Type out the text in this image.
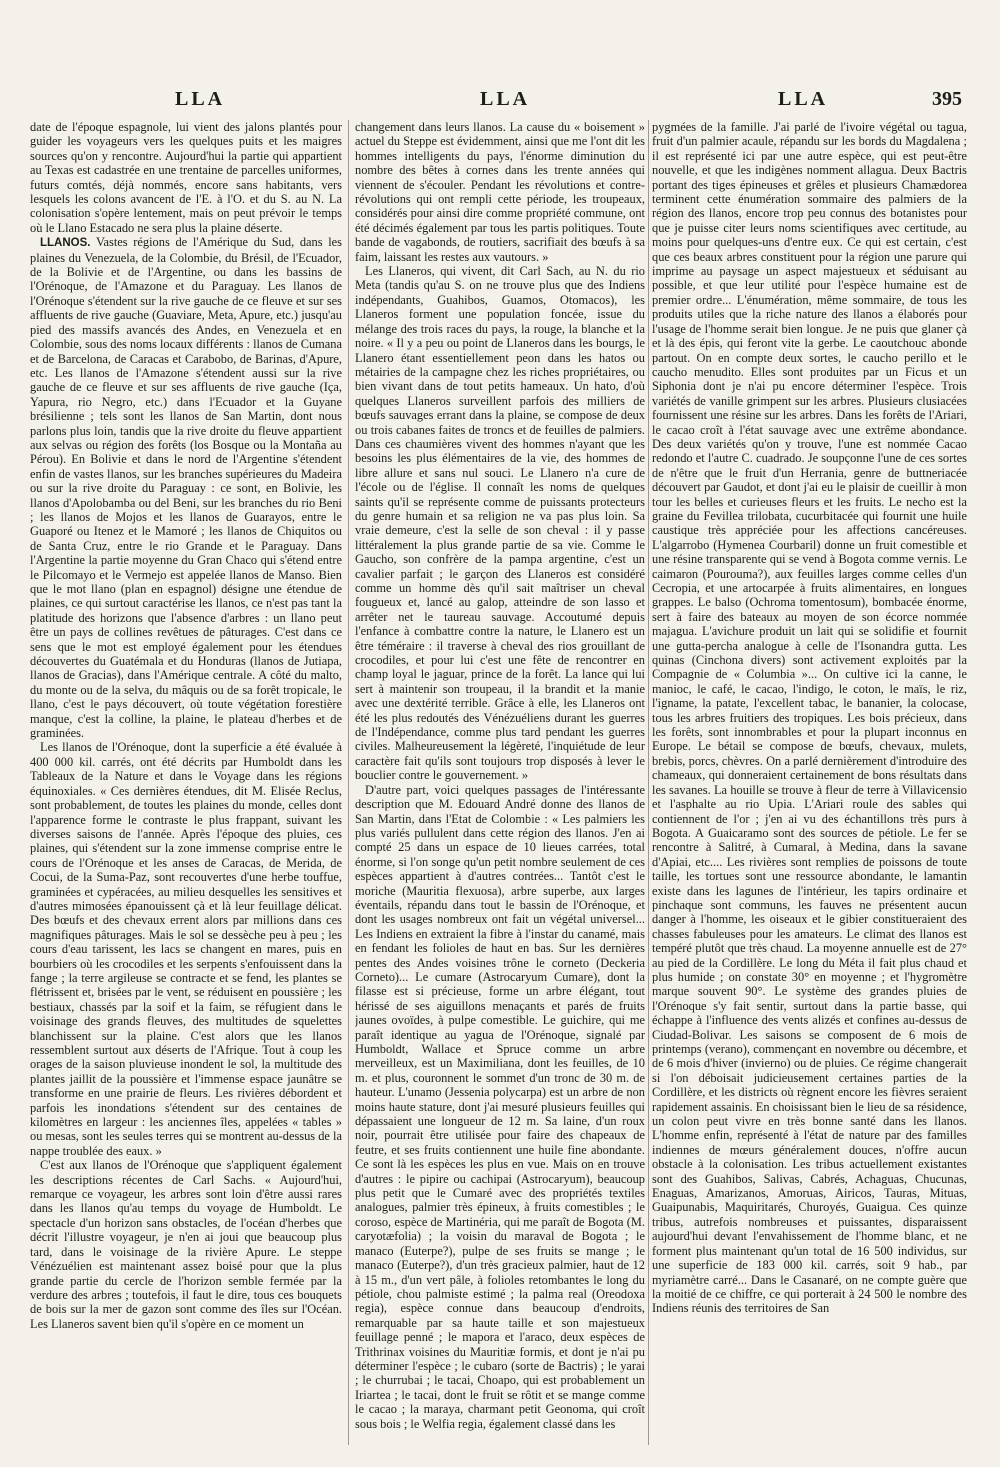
LLA	LLA	LLA	395

date de l'époque espagnole, lui vient des jalons plantés pour guider les voyageurs vers les quelques puits et les maigres sources qu'on y rencontre. Aujourd'hui la partie qui appartient au Texas est cadastrée en une trentaine de parcelles uniformes, futurs comtés, déjà nommés, encore sans habitants, vers lesquels les colons avancent de l'E. à l'O. et du S. au N. La colonisation s'opère lentement, mais on peut prévoir le temps où le Llano Estacado ne sera plus la plaine déserte.

LLANOS. Vastes régions de l'Amérique du Sud, dans les plaines du Venezuela, de la Colombie, du Brésil, de l'Ecuador, de la Bolivie et de l'Argentine, ou dans les bassins de l'Orénoque, de l'Amazone et du Paraguay. Les llanos de l'Orénoque s'étendent sur la rive gauche de ce fleuve et sur ses affluents de rive gauche (Guaviare, Meta, Apure, etc.) jusqu'au pied des massifs avancés des Andes, en Venezuela et en Colombie, sous des noms locaux différents : llanos de Cumana et de Barcelona, de Caracas et Carabobo, de Barinas, d'Apure, etc. Les llanos de l'Amazone s'étendent aussi sur la rive gauche de ce fleuve et sur ses affluents de rive gauche (Iça, Yapura, rio Negro, etc.) dans l'Ecuador et la Guyane brésilienne ; tels sont les llanos de San Martin, dont nous parlons plus loin, tandis que la rive droite du fleuve appartient aux selvas ou région des forêts (los Bosque ou la Montaña au Pérou). En Bolivie et dans le nord de l'Argentine s'étendent enfin de vastes llanos, sur les branches supérieures du Madeira ou sur la rive droite du Paraguay : ce sont, en Bolivie, les llanos d'Apolobamba ou del Beni, sur les branches du rio Beni ; les llanos de Mojos et les llanos de Guarayos, entre le Guaporé ou Itenez et le Mamoré ; les llanos de Chiquitos ou de Santa Cruz, entre le rio Grande et le Paraguay. Dans l'Argentine la partie moyenne du Gran Chaco qui s'étend entre le Pilcomayo et le Vermejo est appelée llanos de Manso. Bien que le mot llano (plan en espagnol) désigne une étendue de plaines, ce qui surtout caractérise les llanos, ce n'est pas tant la platitude des horizons que l'absence d'arbres : un llano peut être un pays de collines revêtues de pâturages. C'est dans ce sens que le mot est employé également pour les étendues découvertes du Guatémala et du Honduras (llanos de Jutiapa, llanos de Gracias), dans l'Amérique centrale. A côté du malto, du monte ou de la selva, du mâquis ou de sa forêt tropicale, le llano, c'est le pays découvert, où toute végétation forestière manque, c'est la colline, la plaine, le plateau d'herbes et de graminées.

Les llanos de l'Orénoque, dont la superficie a été évaluée à 400 000 kil. carrés, ont été décrits par Humboldt dans les Tableaux de la Nature et dans le Voyage dans les régions équinoxiales. « Ces dernières étendues, dit M. Elisée Reclus, sont probablement, de toutes les plaines du monde, celles dont l'apparence forme le contraste le plus frappant, suivant les diverses saisons de l'année. Après l'époque des pluies, ces plaines, qui s'étendent sur la zone immense comprise entre le cours de l'Orénoque et les anses de Caracas, de Merida, de Cocui, de la Suma-Paz, sont recouvertes d'une herbe touffue, graminées et cypéracées, au milieu desquelles les sensitives et d'autres mimosées épanouissent çà et là leur feuillage délicat. Des bœufs et des chevaux errent alors par millions dans ces magnifiques pâturages. Mais le sol se dessèche peu à peu ; les cours d'eau tarissent, les lacs se changent en mares, puis en bourbiers où les crocodiles et les serpents s'enfouissent dans la fange ; la terre argileuse se contracte et se fend, les plantes se flétrissent et, brisées par le vent, se réduisent en poussière ; les bestiaux, chassés par la soif et la faim, se réfugient dans le voisinage des grands fleuves, des multitudes de squelettes blanchissent sur la plaine. C'est alors que les llanos ressemblent surtout aux déserts de l'Afrique. Tout à coup les orages de la saison pluvieuse inondent le sol, la multitude des plantes jaillit de la poussière et l'immense espace jaunâtre se transforme en une prairie de fleurs. Les rivières débordent et parfois les inondations s'étendent sur des centaines de kilomètres en largeur : les anciennes îles, appelées « tables » ou mesas, sont les seules terres qui se montrent au-dessus de la nappe troublée des eaux. »

C'est aux llanos de l'Orénoque que s'appliquent également les descriptions récentes de Carl Sachs. « Aujourd'hui, remarque ce voyageur, les arbres sont loin d'être aussi rares dans les llanos qu'au temps du voyage de Humboldt. Le spectacle d'un horizon sans obstacles, de l'océan d'herbes que décrit l'illustre voyageur, je n'en ai joui que beaucoup plus tard, dans le voisinage de la rivière Apure. Le steppe Vénézuélien est maintenant assez boisé pour que la plus grande partie du cercle de l'horizon semble fermée par la verdure des arbres ; toutefois, il faut le dire, tous ces bouquets de bois sur la mer de gazon sont comme des îles sur l'Océan. Les Llaneros savent bien qu'il s'opère en ce moment un

changement dans leurs llanos. La cause du « boisement » actuel du Steppe est évidemment, ainsi que me l'ont dit les hommes intelligents du pays, l'énorme diminution du nombre des bêtes à cornes dans les trente années qui viennent de s'écouler. Pendant les révolutions et contre-révolutions qui ont rempli cette période, les troupeaux, considérés pour ainsi dire comme propriété commune, ont été décimés également par tous les partis politiques. Toute bande de vagabonds, de routiers, sacrifiait des bœufs à sa faim, laissant les restes aux vautours. »

Les Llaneros, qui vivent, dit Carl Sach, au N. du rio Meta (tandis qu'au S. on ne trouve plus que des Indiens indépendants, Guahibos, Guamos, Otomacos), les Llaneros forment une population foncée, issue du mélange des trois races du pays, la rouge, la blanche et la noire. « Il y a peu ou point de Llaneros dans les bourgs, le Llanero étant essentiellement peon dans les hatos ou métairies de la campagne chez les riches propriétaires, ou bien vivant dans de tout petits hameaux. Un hato, d'où quelques Llaneros surveillent parfois des milliers de bœufs sauvages errant dans la plaine, se compose de deux ou trois cabanes faites de troncs et de feuilles de palmiers. Dans ces chaumières vivent des hommes n'ayant que les besoins les plus élémentaires de la vie, des hommes de libre allure et sans nul souci. Le Llanero n'a cure de l'école ou de l'église. Il connaît les noms de quelques saints qu'il se représente comme de puissants protecteurs du genre humain et sa religion ne va pas plus loin. Sa vraie demeure, c'est la selle de son cheval : il y passe littéralement la plus grande partie de sa vie. Comme le Gaucho, son confrère de la pampa argentine, c'est un cavalier parfait ; le garçon des Llaneros est considéré comme un homme dès qu'il sait maîtriser un cheval fougueux et, lancé au galop, atteindre de son lasso et arrêter net le taureau sauvage. Accoutumé depuis l'enfance à combattre contre la nature, le Llanero est un être téméraire : il traverse à cheval des rios grouillant de crocodiles, et pour lui c'est une fête de rencontrer en champ loyal le jaguar, prince de la forêt. La lance qui lui sert à maintenir son troupeau, il la brandit et la manie avec une dextérité terrible. Grâce à elle, les Llaneros ont été les plus redoutés des Vénézuéliens durant les guerres de l'Indépendance, comme plus tard pendant les guerres civiles. Malheureusement la légèreté, l'inquiétude de leur caractère fait qu'ils sont toujours trop disposés à lever le bouclier contre le gouvernement. »

D'autre part, voici quelques passages de l'intéressante description que M. Edouard André donne des llanos de San Martin, dans l'Etat de Colombie : « Les palmiers les plus variés pullulent dans cette région des llanos. J'en ai compté 25 dans un espace de 10 lieues carrées, total énorme, si l'on songe qu'un petit nombre seulement de ces espèces appartient à d'autres contrées... Tantôt c'est le moriche (Mauritia flexuosa), arbre superbe, aux larges éventails, répandu dans tout le bassin de l'Orénoque, et dont les usages nombreux ont fait un végétal universel... Les Indiens en extraient la fibre à l'instar du canamé, mais en fendant les folioles de haut en bas. Sur les dernières pentes des Andes voisines trône le corneto (Deckeria Corneto)... Le cumare (Astrocaryum Cumare), dont la filasse est si précieuse, forme un arbre élégant, tout hérissé de ses aiguillons menaçants et parés de fruits jaunes ovoïdes, à pulpe comestible. Le guichire, qui me paraît identique au yagua de l'Orénoque, signalé par Humboldt, Wallace et Spruce comme un arbre merveilleux, est un Maximiliana, dont les feuilles, de 10 m. et plus, couronnent le sommet d'un tronc de 30 m. de hauteur. L'unamo (Jessenia polycarpa) est un arbre de non moins haute stature, dont j'ai mesuré plusieurs feuilles qui dépassaient une longueur de 12 m. Sa laine, d'un roux noir, pourrait être utilisée pour faire des chapeaux de feutre, et ses fruits contiennent une huile fine abondante. Ce sont là les espèces les plus en vue. Mais on en trouve d'autres : le pipire ou cachipai (Astrocaryum), beaucoup plus petit que le Cumaré avec des propriétés textiles analogues, palmier très épineux, à fruits comestibles ; le coroso, espèce de Martinéria, qui me paraît de Bogota (M. caryotæfolia) ; la voisin du maraval de Bogota ; le manaco (Euterpe?), pulpe de ses fruits se mange ; le manaco (Euterpe?), d'un très gracieux palmier, haut de 12 à 15 m., d'un vert pâle, à folioles retombantes le long du pétiole, chou palmiste estimé ; la palma real (Oreodoxa regia), espèce connue dans beaucoup d'endroits, remarquable par sa haute taille et son majestueux feuillage penné ; le mapora et l'araco, deux espèces de Trithrinax voisines du Mauritiæ formis, et dont je n'ai pu déterminer l'espèce ; le cubaro (sorte de Bactris) ; le yarai ; le churrubai ; le tacai, Choapo, qui est probablement un Iriartea ; le tacai, dont le fruit se rôtit et se mange comme le cacao ; la maraya, charmant petit Geonoma, qui croît sous bois ; le Welfia regia, également classé dans les

pygmées de la famille. J'ai parlé de l'ivoire végétal ou tagua, fruit d'un palmier acaule, répandu sur les bords du Magdalena ; il est représenté ici par une autre espèce, qui est peut-être nouvelle, et que les indigènes nomment allagua. Deux Bactris portant des tiges épineuses et grêles et plusieurs Chamædorea terminent cette énumération sommaire des palmiers de la région des llanos, encore trop peu connus des botanistes pour que je puisse citer leurs noms scientifiques avec certitude, au moins pour quelques-uns d'entre eux. Ce qui est certain, c'est que ces beaux arbres constituent pour la région une parure qui imprime au paysage un aspect majestueux et séduisant au possible, et que leur utilité pour l'espèce humaine est de premier ordre... L'énumération, même sommaire, de tous les produits utiles que la riche nature des llanos a élaborés pour l'usage de l'homme serait bien longue. Je ne puis que glaner çà et là des épis, qui feront vite la gerbe. Le caoutchouc abonde partout. On en compte deux sortes, le caucho perillo et le caucho menudito. Elles sont produites par un Ficus et un Siphonia dont je n'ai pu encore déterminer l'espèce. Trois variétés de vanille grimpent sur les arbres. Plusieurs clusiacées fournissent une résine sur les arbres. Dans les forêts de l'Ariari, le cacao croît à l'état sauvage avec une extrême abondance. Des deux variétés qu'on y trouve, l'une est nommée Cacao redondo et l'autre C. cuadrado. Je soupçonne l'une de ces sortes de n'être que le fruit d'un Herrania, genre de buttneriacée découvert par Gaudot, et dont j'ai eu le plaisir de cueillir à mon tour les belles et curieuses fleurs et les fruits. Le necho est la graine du Fevillea trilobata, cucurbitacée qui fournit une huile caustique très appréciée pour les affections cancéreuses. L'algarrobo (Hymenea Courbaril) donne un fruit comestible et une résine transparente qui se vend à Bogota comme vernis. Le caimaron (Pourouma?), aux feuilles larges comme celles d'un Cecropia, et une artocarpée à fruits alimentaires, en longues grappes. Le balso (Ochroma tomentosum), bombacée énorme, sert à faire des bateaux au moyen de son écorce nommée majagua. L'avichure produit un lait qui se solidifie et fournit une gutta-percha analogue à celle de l'Isonandra gutta. Les quinas (Cinchona divers) sont activement exploités par la Compagnie de « Columbia »... On cultive ici la canne, le manioc, le café, le cacao, l'indigo, le coton, le maïs, le riz, l'igname, la patate, l'excellent tabac, le bananier, la colocase, tous les arbres fruitiers des tropiques. Les bois précieux, dans les forêts, sont innombrables et pour la plupart inconnus en Europe. Le bétail se compose de bœufs, chevaux, mulets, brebis, porcs, chèvres. On a parlé dernièrement d'introduire des chameaux, qui donneraient certainement de bons résultats dans les savanes. La houille se trouve à fleur de terre à Villavicensio et l'asphalte au rio Upia. L'Ariari roule des sables qui contiennent de l'or ; j'en ai vu des échantillons très purs à Bogota. A Guaicaramo sont des sources de pétiole. Le fer se rencontre à Salitré, à Cumaral, à Medina, dans la savane d'Apiai, etc.... Les rivières sont remplies de poissons de toute taille, les tortues sont une ressource abondante, le lamantin existe dans les lagunes de l'intérieur, les tapirs ordinaire et pinchaque sont communs, les fauves ne présentent aucun danger à l'homme, les oiseaux et le gibier constitueraient des chasses fabuleuses pour les amateurs. Le climat des llanos est tempéré plutôt que très chaud. La moyenne annuelle est de 27° au pied de la Cordillère. Le long du Méta il fait plus chaud et plus humide ; on constate 30° en moyenne ; et l'hygromètre marque souvent 90°. Le système des grandes pluies de l'Orénoque s'y fait sentir, surtout dans la partie basse, qui échappe à l'influence des vents alizés et confines au-dessus de Ciudad-Bolivar. Les saisons se composent de 6 mois de printemps (verano), commençant en novembre ou décembre, et de 6 mois d'hiver (invierno) ou de pluies. Ce régime changerait si l'on déboisait judicieusement certaines parties de la Cordillère, et les districts où règnent encore les fièvres seraient rapidement assainis. En choisissant bien le lieu de sa résidence, un colon peut vivre en très bonne santé dans les llanos. L'homme enfin, représenté à l'état de nature par des familles indiennes de mœurs généralement douces, n'offre aucun obstacle à la colonisation. Les tribus actuellement existantes sont des Guahibos, Salivas, Cabrés, Achaguas, Chucunas, Enaguas, Amarizanos, Amoruas, Airicos, Tauras, Mituas, Guaipunabis, Maquiritarés, Churoyés, Guaigua. Ces quinze tribus, autrefois nombreuses et puissantes, disparaissent aujourd'hui devant l'envahissement de l'homme blanc, et ne forment plus maintenant qu'un total de 16 500 individus, sur une superficie de 183 000 kil. carrés, soit 9 hab., par myriamètre carré... Dans le Casanaré, on ne compte guère que la moitié de ce chiffre, ce qui porterait à 24 500 le nombre des Indiens réunis des territoires de San
